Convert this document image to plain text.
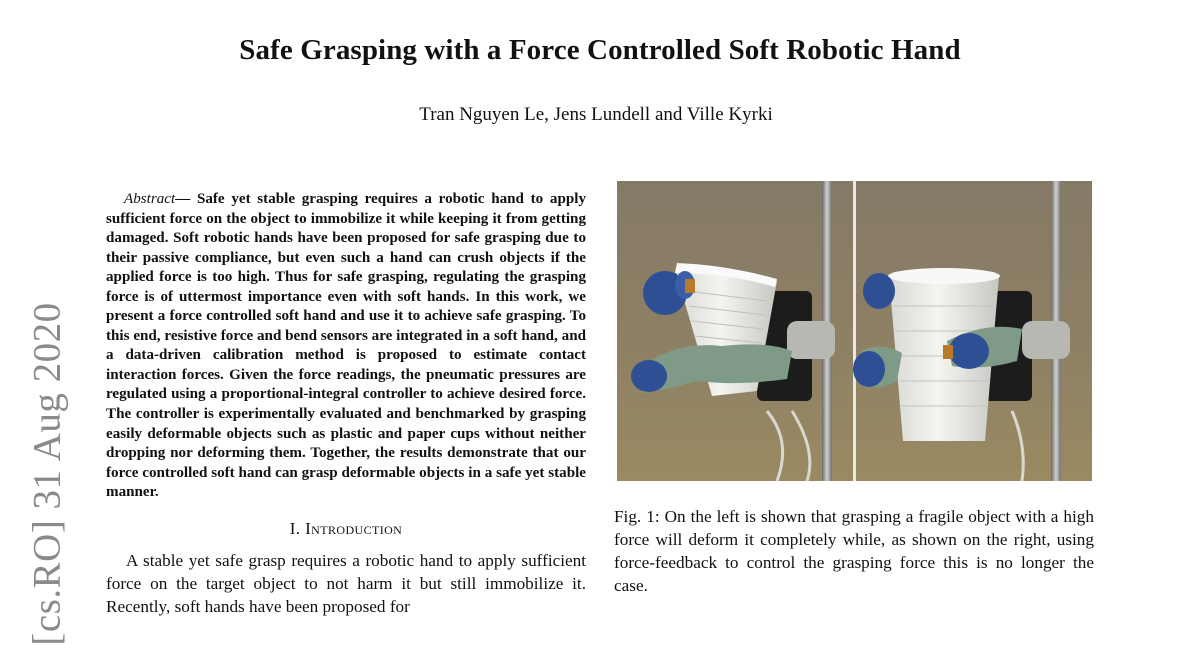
Safe Grasping with a Force Controlled Soft Robotic Hand
Tran Nguyen Le, Jens Lundell and Ville Kyrki
[cs.RO] 31 Aug 2020

Abstract— Safe yet stable grasping requires a robotic hand to apply sufficient force on the object to immobilize it while keeping it from getting damaged. Soft robotic hands have been proposed for safe grasping due to their passive compliance, but even such a hand can crush objects if the applied force is too high. Thus for safe grasping, regulating the grasping force is of uttermost importance even with soft hands. In this work, we present a force controlled soft hand and use it to achieve safe grasping. To this end, resistive force and bend sensors are integrated in a soft hand, and a data-driven calibration method is proposed to estimate contact interaction forces. Given the force readings, the pneumatic pressures are regulated using a proportional-integral controller to achieve desired force. The controller is experimentally evaluated and benchmarked by grasping easily deformable objects such as plastic and paper cups without neither dropping nor deforming them. Together, the results demonstrate that our force controlled soft hand can grasp deformable objects in a safe yet stable manner.

I. Introduction

A stable yet safe grasp requires a robotic hand to apply sufficient force on the target object to not harm it but still immobilize it. Recently, soft hands have been proposed for

Fig. 1: On the left is shown that grasping a fragile object with a high force will deform it completely while, as shown on the right, using force-feedback to control the grasping force this is no longer the case.
